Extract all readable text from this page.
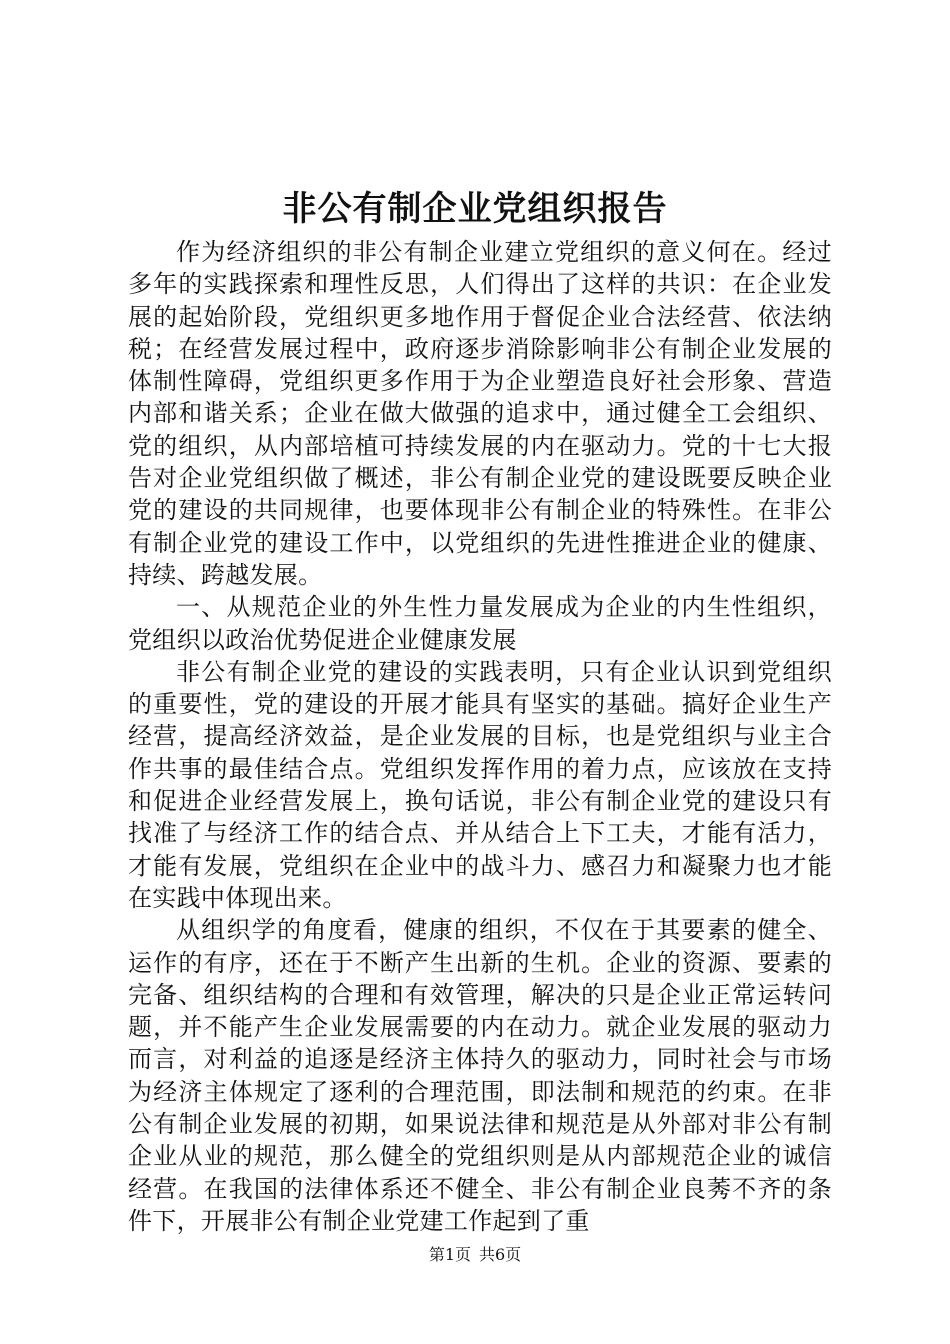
非公有制企业党组织报告

作为经济组织的非公有制企业建立党组织的意义何在。经过多年的实践探索和理性反思，人们得出了这样的共识：在企业发展的起始阶段，党组织更多地作用于督促企业合法经营、依法纳税；在经营发展过程中，政府逐步消除影响非公有制企业发展的体制性障碍，党组织更多作用于为企业塑造良好社会形象、营造内部和谐关系；企业在做大做强的追求中，通过健全工会组织、党的组织，从内部培植可持续发展的内在驱动力。党的十七大报告对企业党组织做了概述，非公有制企业党的建设既要反映企业党的建设的共同规律，也要体现非公有制企业的特殊性。在非公有制企业党的建设工作中，以党组织的先进性推进企业的健康、持续、跨越发展。

一、从规范企业的外生性力量发展成为企业的内生性组织，党组织以政治优势促进企业健康发展

非公有制企业党的建设的实践表明，只有企业认识到党组织的重要性，党的建设的开展才能具有坚实的基础。搞好企业生产经营，提高经济效益，是企业发展的目标，也是党组织与业主合作共事的最佳结合点。党组织发挥作用的着力点，应该放在支持和促进企业经营发展上，换句话说，非公有制企业党的建设只有找准了与经济工作的结合点、并从结合上下工夫，才能有活力，才能有发展，党组织在企业中的战斗力、感召力和凝聚力也才能在实践中体现出来。

从组织学的角度看，健康的组织，不仅在于其要素的健全、运作的有序，还在于不断产生出新的生机。企业的资源、要素的完备、组织结构的合理和有效管理，解决的只是企业正常运转问题，并不能产生企业发展需要的内在动力。就企业发展的驱动力而言，对利益的追逐是经济主体持久的驱动力，同时社会与市场为经济主体规定了逐利的合理范围，即法制和规范的约束。在非公有制企业发展的初期，如果说法律和规范是从外部对非公有制企业从业的规范，那么健全的党组织则是从内部规范企业的诚信经营。在我国的法律体系还不健全、非公有制企业良莠不齐的条件下，开展非公有制企业党建工作起到了重

第1页 共6页
